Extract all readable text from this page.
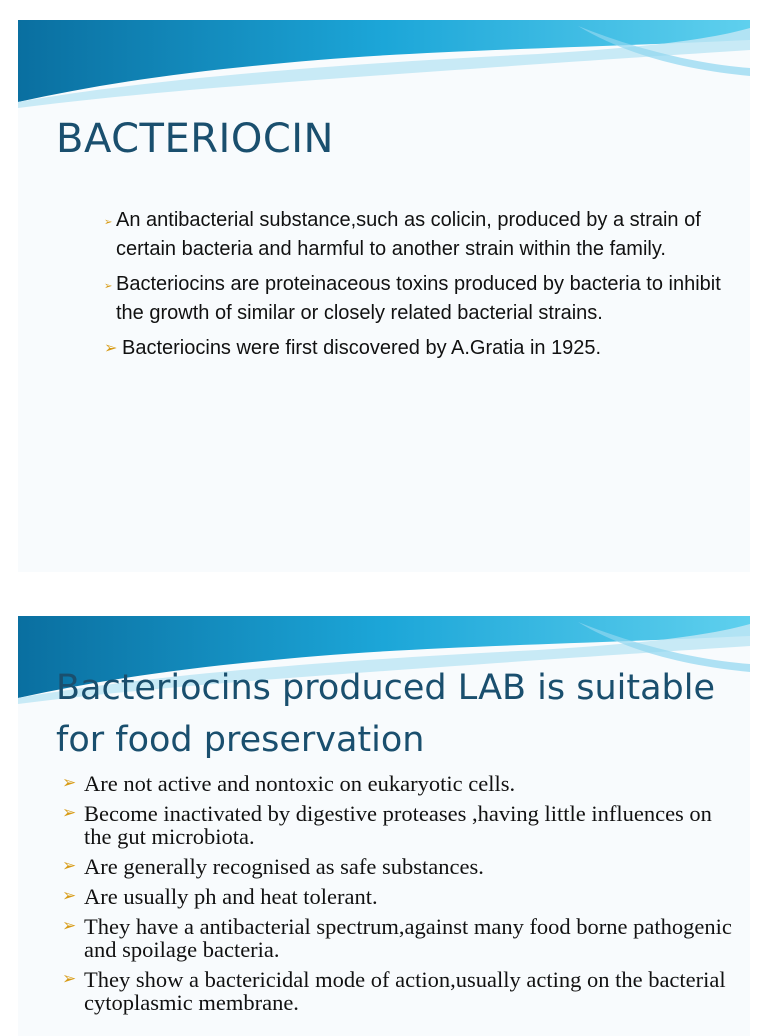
BACTERIOCIN
➢ An antibacterial substance,such as colicin, produced by a strain of certain bacteria and harmful to another strain within the family.
➢ Bacteriocins are proteinaceous toxins produced by bacteria to inhibit the growth of similar or closely related bacterial strains.
➢ Bacteriocins were first discovered by A.Gratia in 1925.
Bacteriocins produced LAB is suitable for food preservation
➢ Are not active and nontoxic on eukaryotic cells.
➢ Become inactivated by digestive proteases ,having little influences on the gut microbiota.
➢ Are generally recognised as safe substances.
➢ Are usually ph and heat tolerant.
➢ They have a antibacterial spectrum,against many food borne pathogenic and spoilage bacteria.
➢ They show a bactericidal mode of action,usually acting on the bacterial cytoplasmic membrane.
